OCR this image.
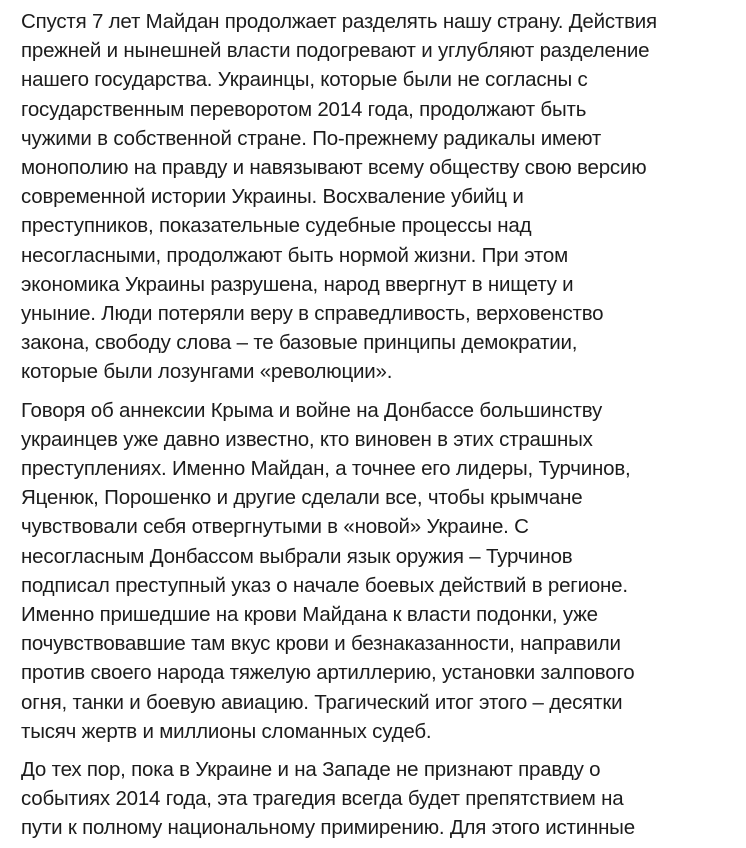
Спустя 7 лет Майдан продолжает разделять нашу страну. Действия
прежней и нынешней власти подогревают и углубляют разделение
нашего государства. Украинцы, которые были не согласны с
государственным переворотом 2014 года, продолжают быть
чужими в собственной стране. По-прежнему радикалы имеют
монополию на правду и навязывают всему обществу свою версию
современной истории Украины. Восхваление убийц и
преступников, показательные судебные процессы над
несогласными, продолжают быть нормой жизни. При этом
экономика Украины разрушена, народ ввергнут в нищету и
уныние. Люди потеряли веру в справедливость, верховенство
закона, свободу слова – те базовые принципы демократии,
которые были лозунгами «революции».

Говоря об аннексии Крыма и войне на Донбассе большинству
украинцев уже давно известно, кто виновен в этих страшных
преступлениях. Именно Майдан, а точнее его лидеры, Турчинов,
Яценюк, Порошенко и другие сделали все, чтобы крымчане
чувствовали себя отвергнутыми в «новой» Украине. С
несогласным Донбассом выбрали язык оружия – Турчинов
подписал преступный указ о начале боевых действий в регионе.
Именно пришедшие на крови Майдана к власти подонки, уже
почувствовавшие там вкус крови и безнаказанности, направили
против своего народа тяжелую артиллерию, установки залпового
огня, танки и боевую авиацию. Трагический итог этого – десятки
тысяч жертв и миллионы сломанных судеб.

До тех пор, пока в Украине и на Западе не признают правду о
событиях 2014 года, эта трагедия всегда будет препятствием на
пути к полному национальному примирению. Для этого истинные
